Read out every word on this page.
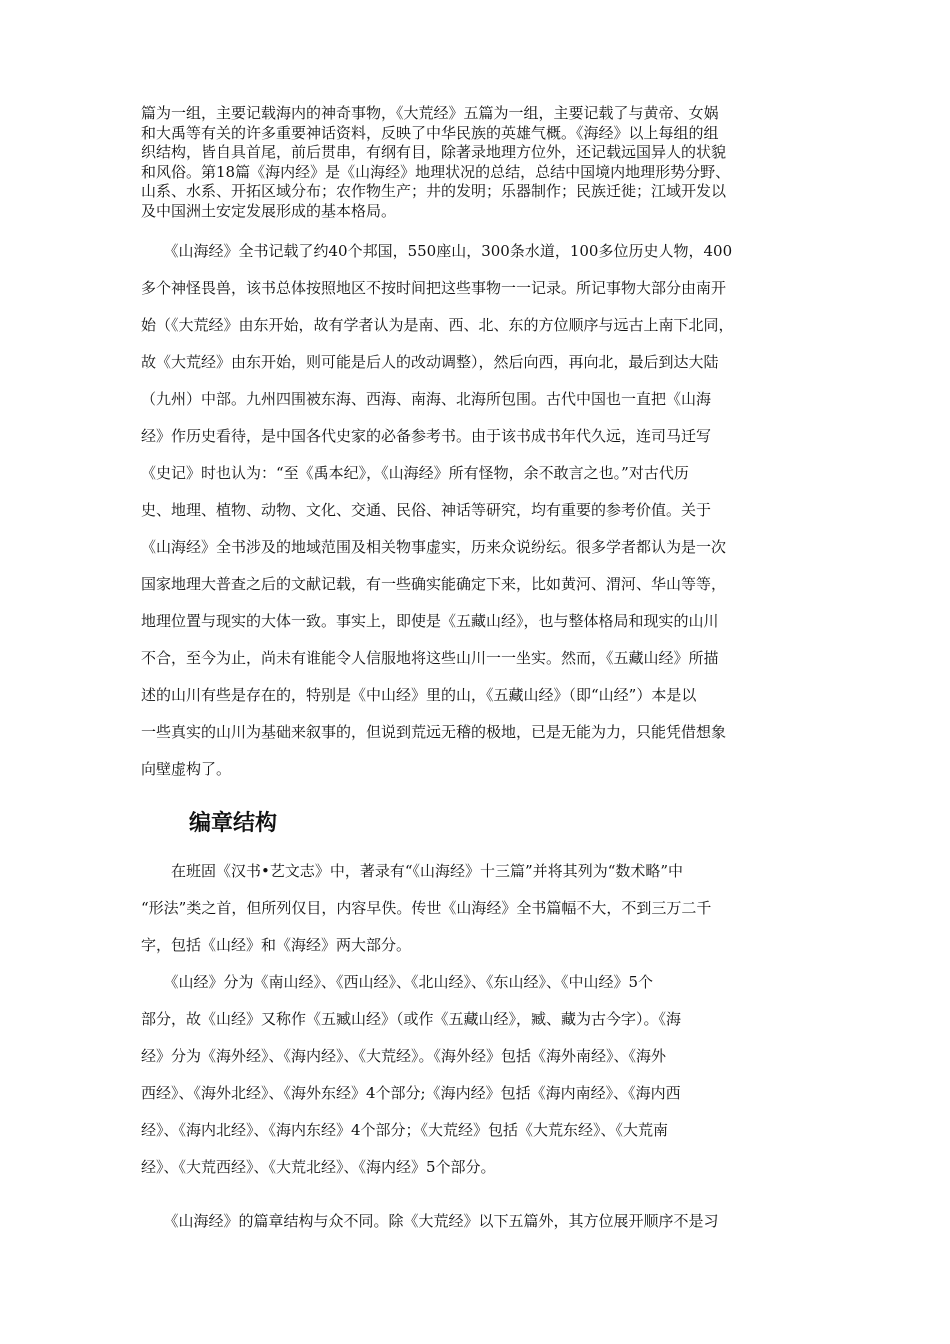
篇为一组，主要记载海内的神奇事物，《大荒经》五篇为一组，主要记载了与黄帝、女娲
和大禹等有关的许多重要神话资料，反映了中华民族的英雄气概。《海经》以上每组的组
织结构，皆自具首尾，前后贯串，有纲有目，除著录地理方位外，还记载远国异人的状貌
和风俗。第18篇《海内经》是《山海经》地理状况的总结，总结中国境内地理形势分野、
山系、水系、开拓区域分布；农作物生产；井的发明；乐器制作；民族迁徙；江域开发以
及中国洲土安定发展形成的基本格局。
　　《山海经》全书记载了约40个邦国，550座山，300条水道，100多位历史人物，400
多个神怪畏兽，该书总体按照地区不按时间把这些事物一一记录。所记事物大部分由南开
始（《大荒经》由东开始，故有学者认为是南、西、北、东的方位顺序与远古上南下北同，
故《大荒经》由东开始，则可能是后人的改动调整），然后向西，再向北，最后到达大陆
（九州）中部。九州四围被东海、西海、南海、北海所包围。古代中国也一直把《山海
经》作历史看待，是中国各代史家的必备参考书。由于该书成书年代久远，连司马迁写
《史记》时也认为：“至《禹本纪》，《山海经》所有怪物，余不敢言之也。”对古代历
史、地理、植物、动物、文化、交通、民俗、神话等研究，均有重要的参考价值。关于
《山海经》全书涉及的地域范围及相关物事虚实，历来众说纷纭。很多学者都认为是一次
国家地理大普查之后的文献记载，有一些确实能确定下来，比如黄河、渭河、华山等等，
地理位置与现实的大体一致。事实上，即使是《五藏山经》，也与整体格局和现实的山川
不合，至今为止，尚未有谁能令人信服地将这些山川一一坐实。然而，《五藏山经》所描
述的山川有些是存在的，特别是《中山经》里的山，《五藏山经》（即“山经”）本是以
一些真实的山川为基础来叙事的，但说到荒远无稽的极地，已是无能为力，只能凭借想象
向壁虚构了。
编章结构
　　在班固《汉书•艺文志》中，著录有“《山海经》十三篇”并将其列为“数术略”中
“形法”类之首，但所列仅目，内容早佚。传世《山海经》全书篇幅不大，不到三万二千
字，包括《山经》和《海经》两大部分。
　　《山经》分为《南山经》、《西山经》、《北山经》、《东山经》、《中山经》5个
部分，故《山经》又称作《五臧山经》（或作《五藏山经》，臧、藏为古今字）。《海
经》分为《海外经》、《海内经》、《大荒经》。《海外经》包括《海外南经》、《海外
西经》、《海外北经》、《海外东经》4个部分;《海内经》包括《海内南经》、《海内西
经》、《海内北经》、《海内东经》4个部分；《大荒经》包括《大荒东经》、《大荒南
经》、《大荒西经》、《大荒北经》、《海内经》5个部分。
　　《山海经》的篇章结构与众不同。除《大荒经》以下五篇外，其方位展开顺序不是习
